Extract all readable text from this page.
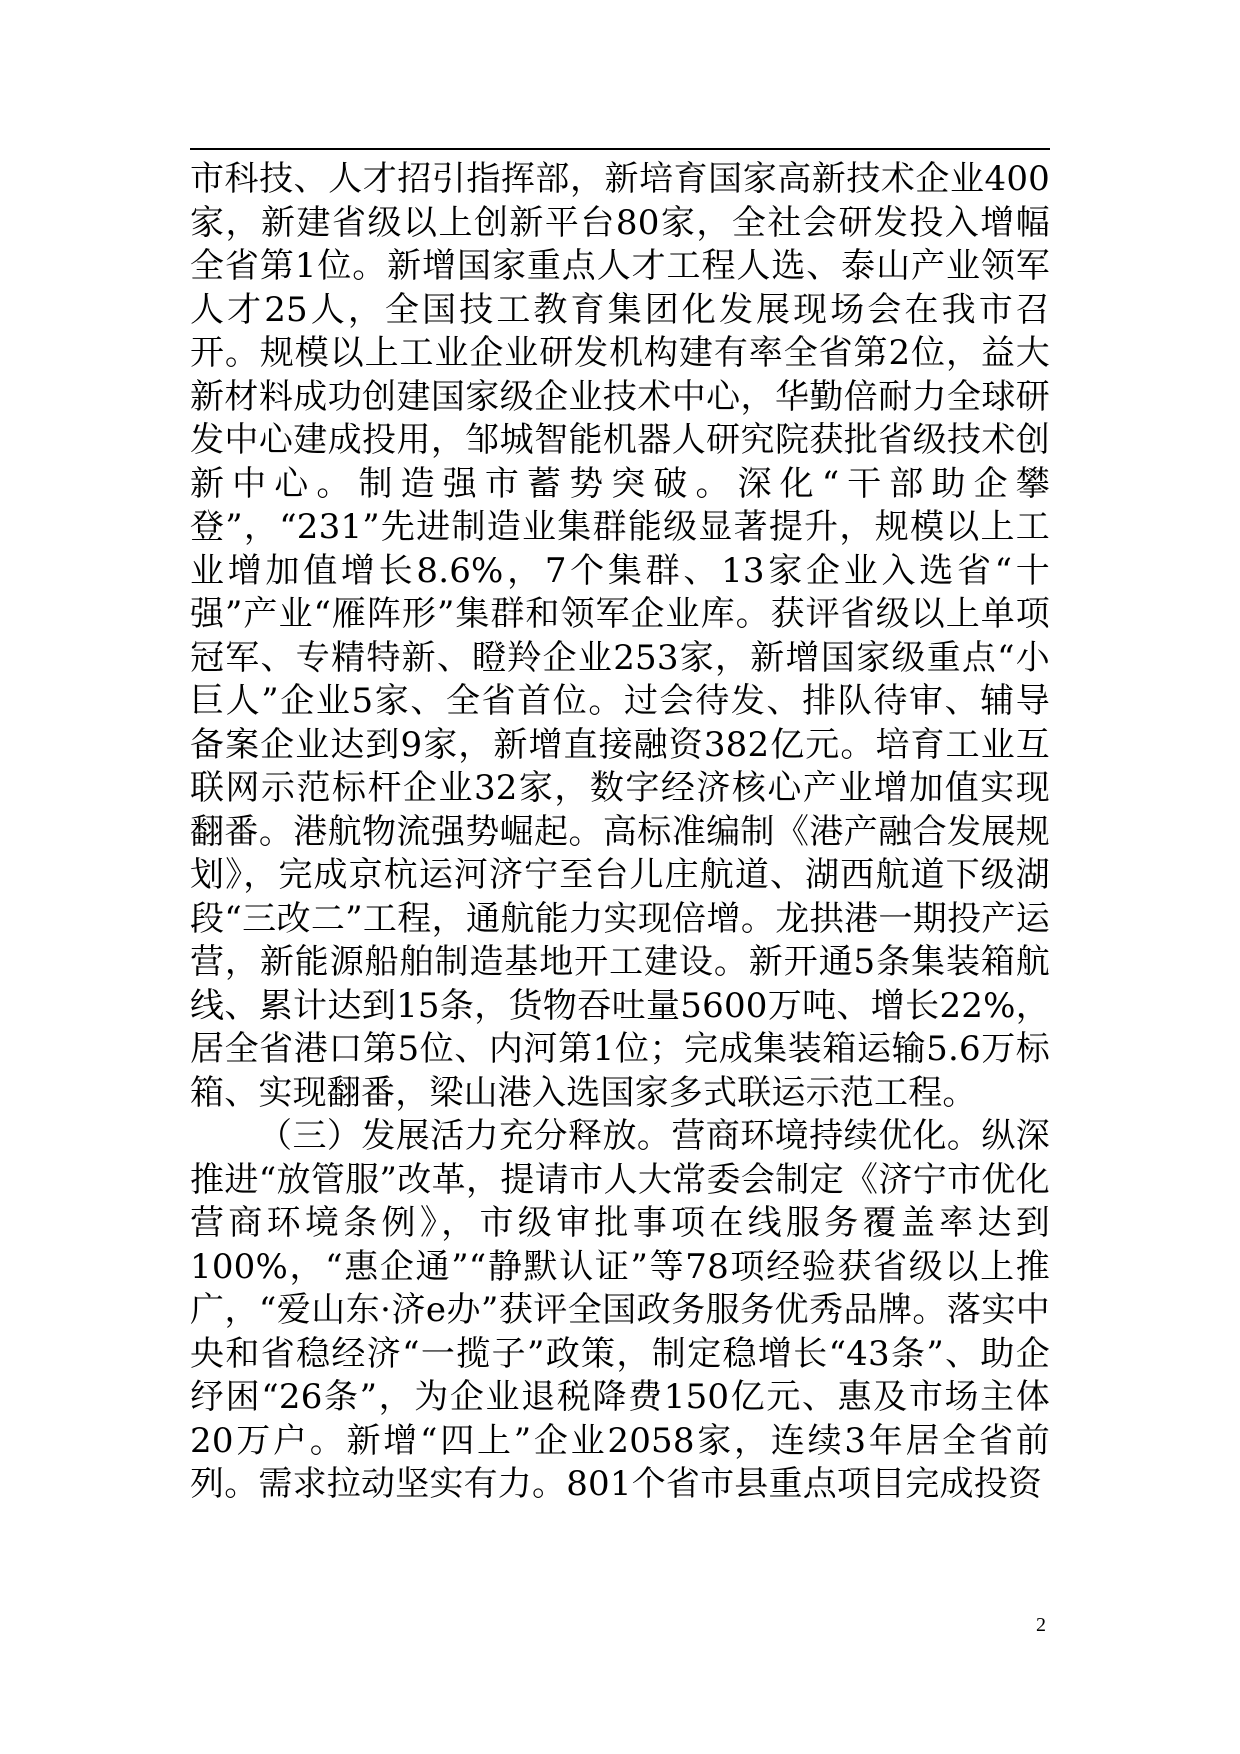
市科技、人才招引指挥部，新培育国家高新技术企业400家，新建省级以上创新平台80家，全社会研发投入增幅全省第1位。新增国家重点人才工程人选、泰山产业领军人才25人，全国技工教育集团化发展现场会在我市召开。规模以上工业企业研发机构建有率全省第2位，益大新材料成功创建国家级企业技术中心，华勤倍耐力全球研发中心建成投用，邹城智能机器人研究院获批省级技术创新中心。制造强市蓄势突破。深化“干部助企攀登”，“231”先进制造业集群能级显著提升，规模以上工业增加值增长8.6%，7个集群、13家企业入选省“十强”产业“雁阵形”集群和领军企业库。获评省级以上单项冠军、专精特新、瞪羚企业253家，新增国家级重点“小巨人”企业5家、全省首位。过会待发、排队待审、辅导备案企业达到9家，新增直接融资382亿元。培育工业互联网示范标杆企业32家，数字经济核心产业增加值实现翻番。港航物流强势崛起。高标准编制《港产融合发展规划》，完成京杭运河济宁至台儿庄航道、湖西航道下级湖段“三改二”工程，通航能力实现倍增。龙拱港一期投产运营，新能源船舶制造基地开工建设。新开通5条集装箱航线、累计达到15条，货物吞吐量5600万吨、增长22%，居全省港口第5位、内河第1位；完成集装箱运输5.6万标箱、实现翻番，梁山港入选国家多式联运示范工程。

（三）发展活力充分释放。营商环境持续优化。纵深推进“放管服”改革，提请市人大常委会制定《济宁市优化营商环境条例》，市级审批事项在线服务覆盖率达到100%，“惠企通”“静默认证”等78项经验获省级以上推广，“爱山东·济e办”获评全国政务服务优秀品牌。落实中央和省稳经济“一揽子”政策，制定稳增长“43条”、助企纾困“26条”，为企业退税降费150亿元、惠及市场主体20万户。新增“四上”企业2058家，连续3年居全省前列。需求拉动坚实有力。801个省市县重点项目完成投资

2
